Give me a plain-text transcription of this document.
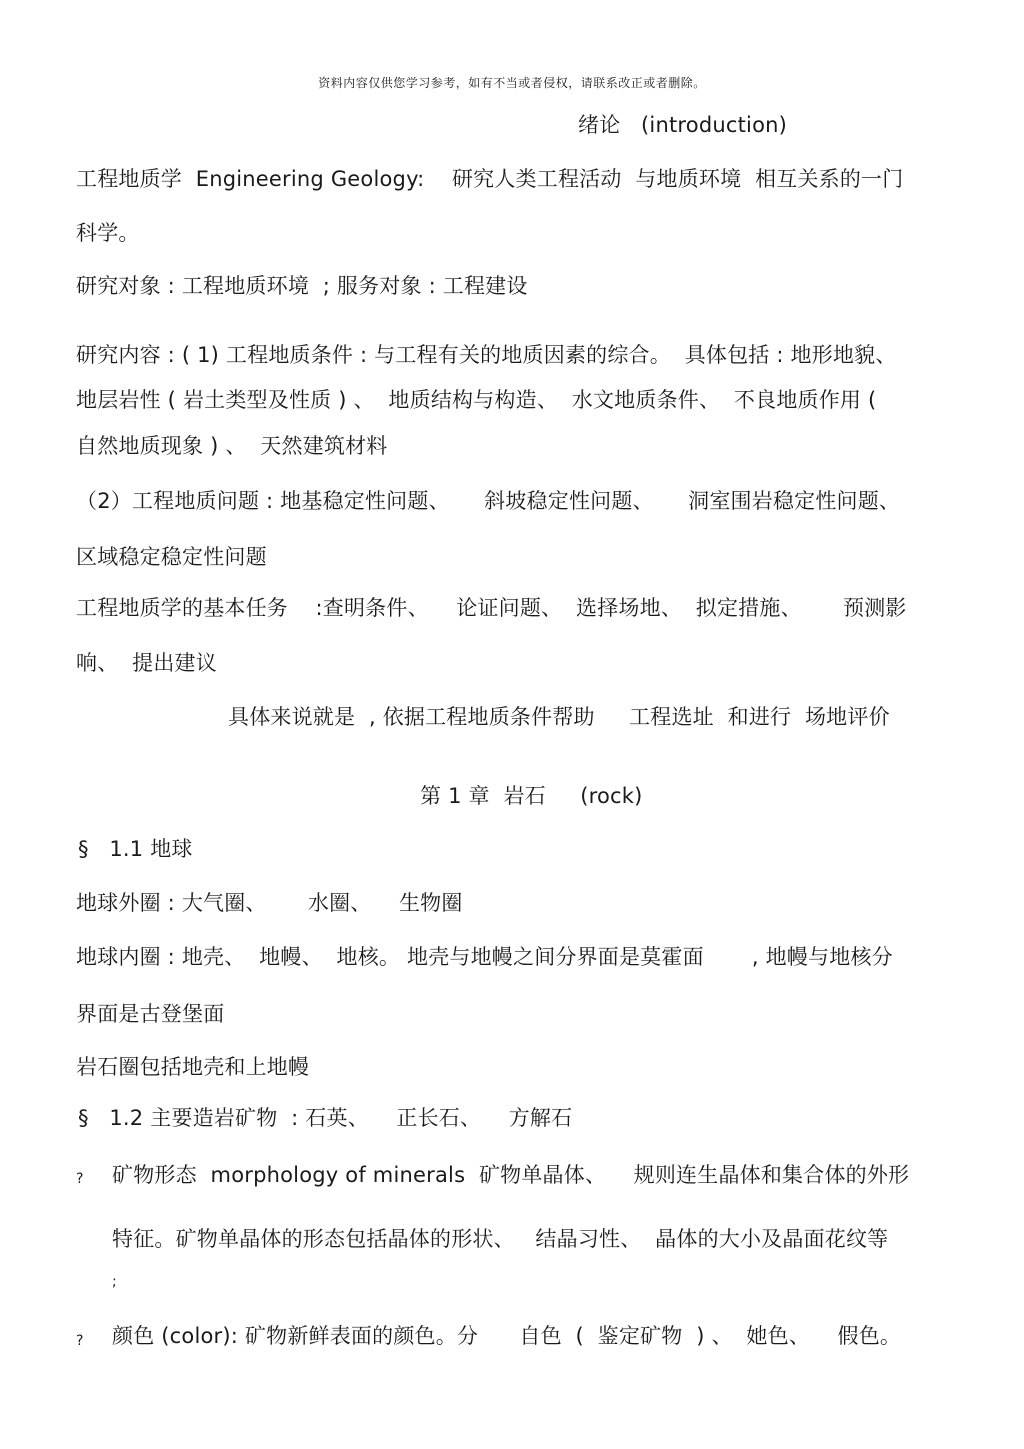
资料内容仅供您学习参考，如有不当或者侵权，请联系改正或者删除。
绪论   (introduction)
工程地质学  Engineering Geology:    研究人类工程活动  与地质环境  相互关系的一门
科学。
研究对象 : 工程地质环境  ; 服务对象 : 工程建设
研究内容 : ( 1) 工程地质条件 : 与工程有关的地质因素的综合。  具体包括 : 地形地貌、
地层岩性 ( 岩土类型及性质 ) 、  地质结构与构造、  水文地质条件、  不良地质作用 (
自然地质现象 ) 、  天然建筑材料
（2）工程地质问题 : 地基稳定性问题、     斜坡稳定性问题、     洞室围岩稳定性问题、
区域稳定稳定性问题
工程地质学的基本任务    :查明条件、    论证问题、  选择场地、  拟定措施、      预测影
响、  提出建议
具体来说就是  , 依据工程地质条件帮助     工程选址  和进行  场地评价
第 1 章  岩石     (rock)
§   1.1 地球
地球外圈 : 大气圈、      水圈、    生物圈
地球内圈 : 地壳、  地幔、  地核。 地壳与地幔之间分界面是莫霍面       , 地幔与地核分
界面是古登堡面
岩石圈包括地壳和上地幔
§   1.2 主要造岩矿物  : 石英、    正长石、    方解石
? 矿物形态  morphology of minerals  矿物单晶体、    规则连生晶体和集合体的外形
特征。矿物单晶体的形态包括晶体的形状、   结晶习性、  晶体的大小及晶面花纹等
;
? 颜色 (color): 矿物新鲜表面的颜色。分      自色  (  鉴定矿物  ) 、  她色、    假色。
